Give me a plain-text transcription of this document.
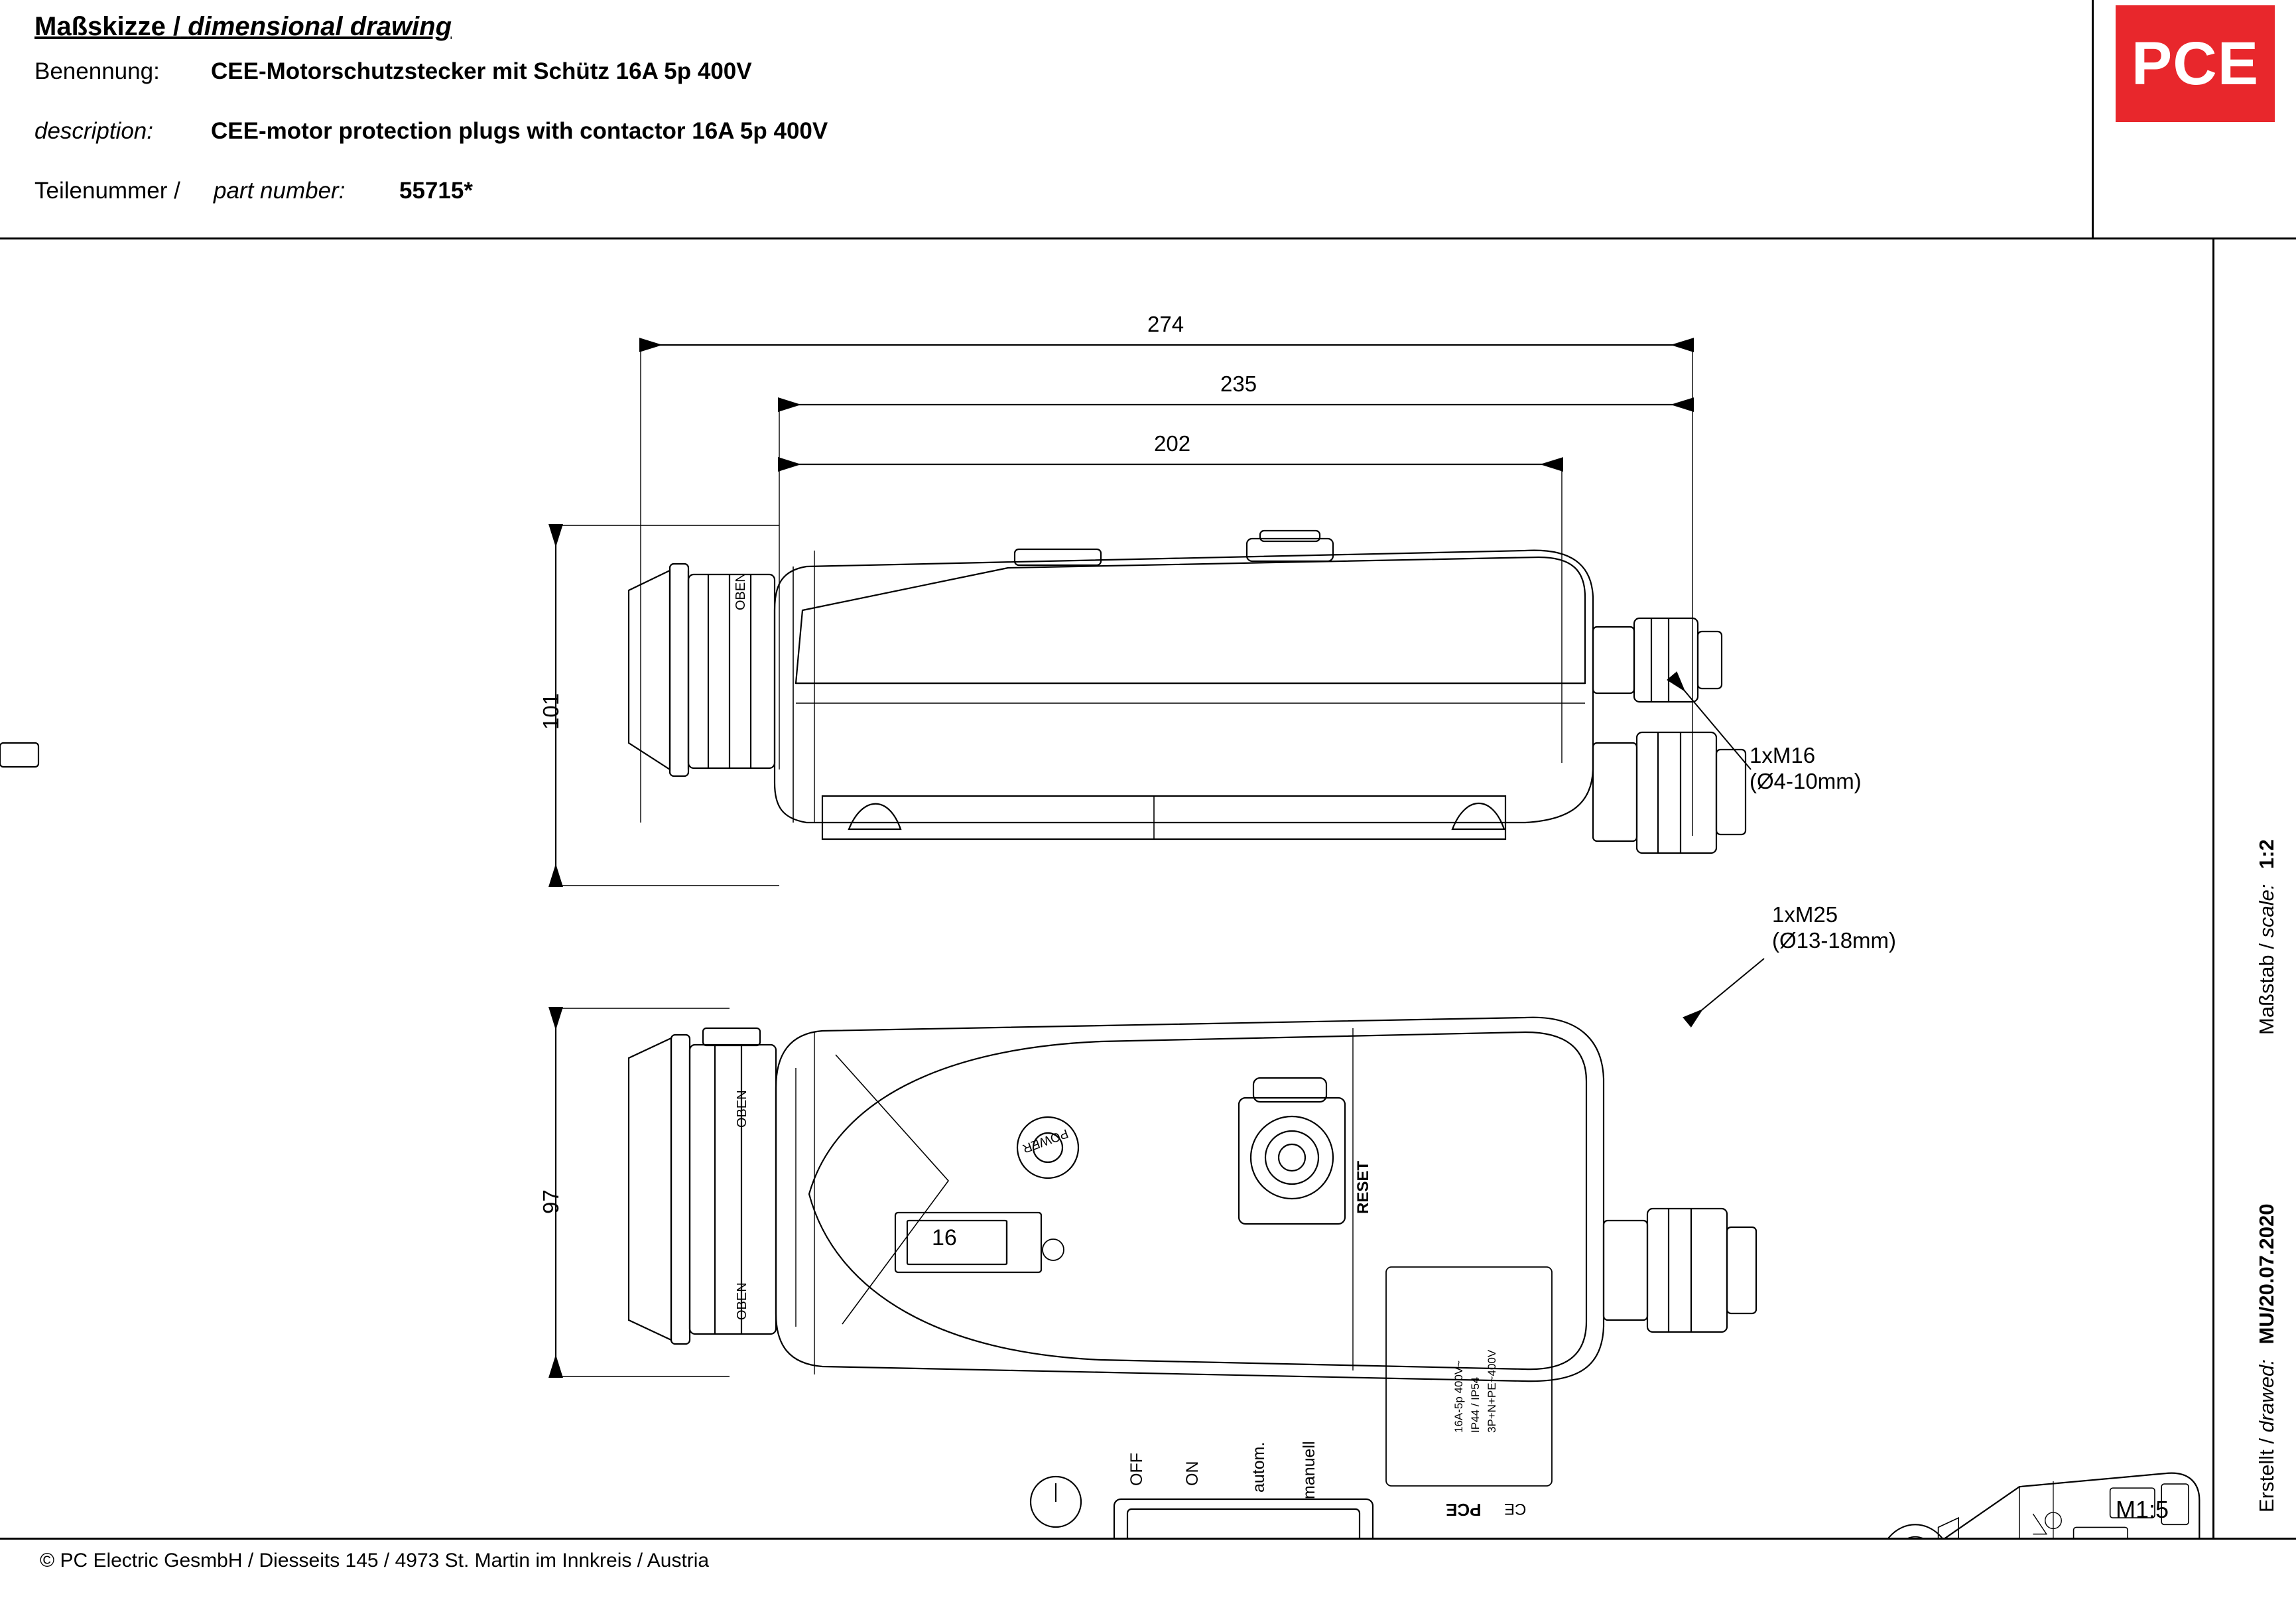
Maßskizze / dimensional drawing
Benennung: CEE-Motorschutzstecker mit Schütz 16A 5p 400V
description: CEE-motor protection plugs with contactor 16A 5p 400V
Teilenummer / part number: 55715*
PCE
Maßstab / scale: 1:2
Erstellt / drawed: MU/20.07.2020
274
235
202
101
97
1xM16
(Ø4-10mm)
1xM25
(Ø13-18mm)
OBEN
16
POWER
RESET
OFF ON	autom. manuell
16A-5p 400V~ IP44 / IP54 3P+N+PE~400V
PCE CE
OBEN
OBEN
M1:5
© PC Electric GesmbH / Diesseits 145 / 4973 St. Martin im Innkreis / Austria
